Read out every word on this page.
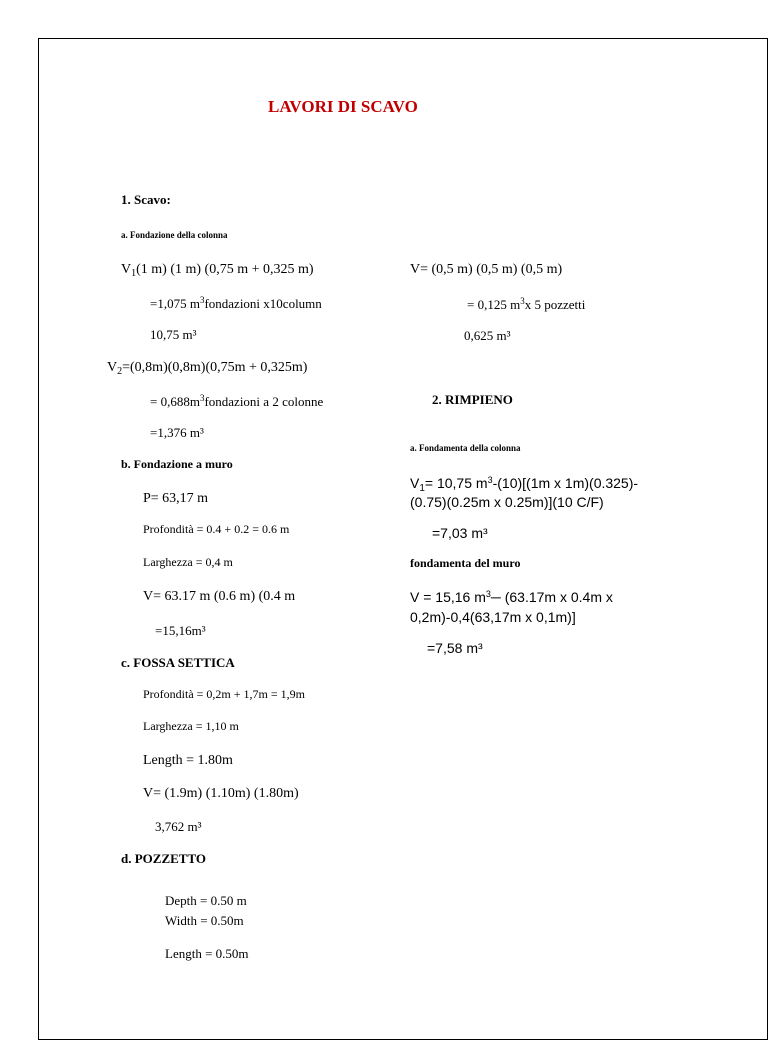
LAVORI DI SCAVO
1. Scavo:
a. Fondazione della colonna
$V_1(1$ m) (1 m) (0,75 m + 0,325 m)
=1,075 $m^3fondazioni$ x10column
10,75 m³
$V_2=(0,8m)(0,8m)(0,75m + 0,325m)$
= $0,688m^3fondazioni$ a 2 colonne
=1,376 m³
b. Fondazione a muro
P= 63,17 m
Profondità = 0.4 + 0.2 = 0.6 m
Larghezza = 0,4 m
V= 63.17 m (0.6 m) (0.4 m
=15,16m³
c. FOSSA SETTICA
Profondità = 0,2m + 1,7m = 1,9m
Larghezza = 1,10 m
Length = 1.80m
V= (1.9m) (1.10m) (1.80m)
3,762 m³
d. POZZETTO
Depth = 0.50 m
Width = 0.50m
Length = 0.50m
V= (0,5 m) (0,5 m) (0,5 m)
= 0,125 $m^3x$ 5 pozzetti
0,625 m³
2. RIMPIENO
a. Fondamenta della colonna
$V_1= 10,75$ $m^3-(10)[(1m$ x 1m)(0.325)-
(0.75)(0.25m x 0.25m)](10 C/F)
=7,03 m³
fondamenta del muro
V = 15,16 $m^3─$ (63.17m x 0.4m x
0,2m)-0,4(63,17m x 0,1m)]
=7,58 m³
